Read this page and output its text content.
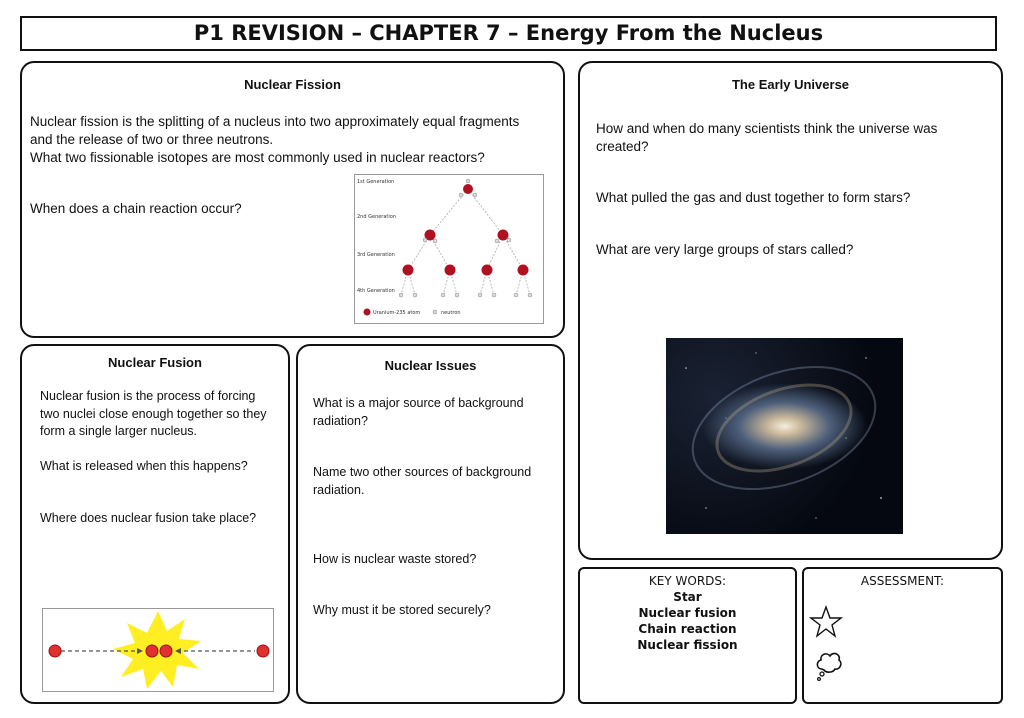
P1 REVISION – CHAPTER 7 – Energy From the Nucleus
Nuclear Fission
Nuclear fission is the splitting of a nucleus into two approximately equal fragments and the release of two or three neutrons.
What two fissionable isotopes are most commonly used in nuclear reactors?
When does a chain reaction occur?
1st Generation
2nd Generation
3rd Generation
4th Generation
Uranium-235 atom	neutron
The Early Universe
How and when do many scientists think the universe was created?
What pulled the gas and dust together to form stars?
What are very large groups of stars called?
Nuclear Fusion
Nuclear fusion is the process of forcing two nuclei close enough together so they form a single larger nucleus.
What is released when this happens?
Where does nuclear fusion take place?
Nuclear Issues
What is a major source of background radiation?
Name two other sources of background radiation.
How is nuclear waste stored?
Why must it be stored securely?
KEY WORDS:
Star
Nuclear fusion
Chain reaction
Nuclear fission
ASSESSMENT:
